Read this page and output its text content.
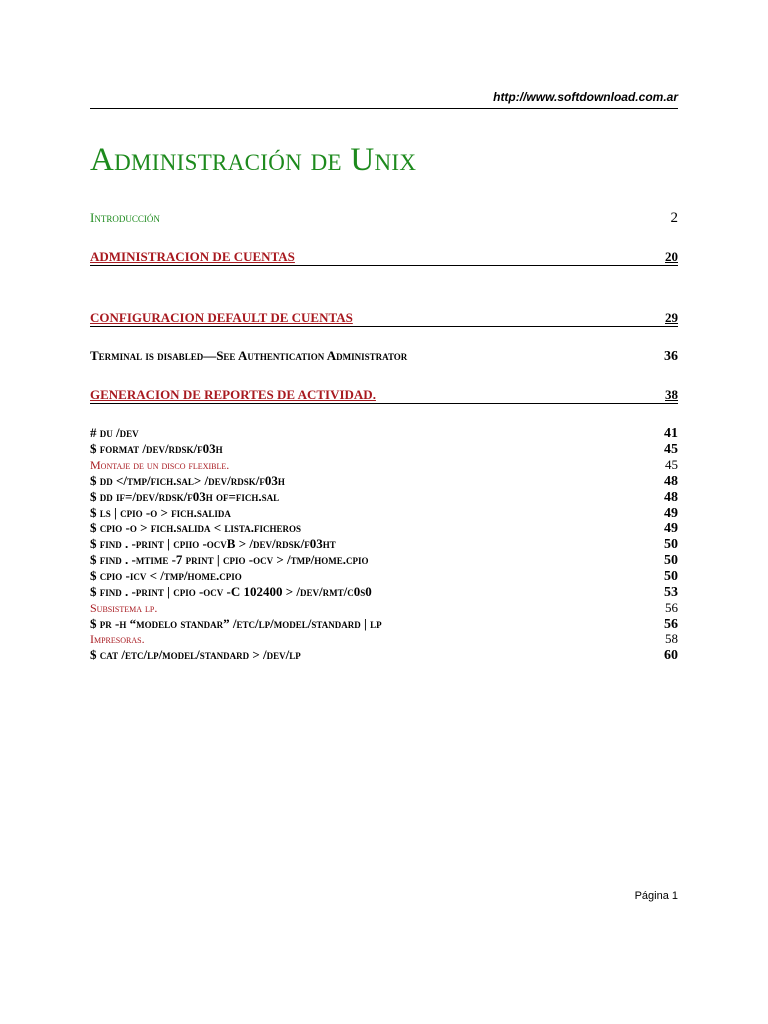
http://www.softdownload.com.ar
Administración de Unix
Introducción	2
ADMINISTRACION DE CUENTAS	20
CONFIGURACION DEFAULT DE CUENTAS	29
Terminal is disabled—See Authentication Administrator	36
GENERACION DE REPORTES DE ACTIVIDAD.	38
# du /dev	41
$ format /dev/rdsk/f03h	45
Montaje de un disco flexible.	45
$ dd </tmp/fich.sal> /dev/rdsk/f03h	48
$ dd if=/dev/rdsk/f03h of=fich.sal	48
$ ls | cpio -o > fich.salida	49
$ cpio -o > fich.salida < lista.ficheros	49
$ find . -print | cpiio -ocvB > /dev/rdsk/f03ht	50
$ find . -mtime -7 print | cpio -ocv > /tmp/home.cpio	50
$ cpio -icv < /tmp/home.cpio	50
$ find . -print | cpio -ocv -C 102400 > /dev/rmt/c0s0	53
Subsistema lp.	56
$ pr -h “modelo standar” /etc/lp/model/standard | lp	56
Impresoras.	58
$ cat /etc/lp/model/standard > /dev/lp	60
Página 1
